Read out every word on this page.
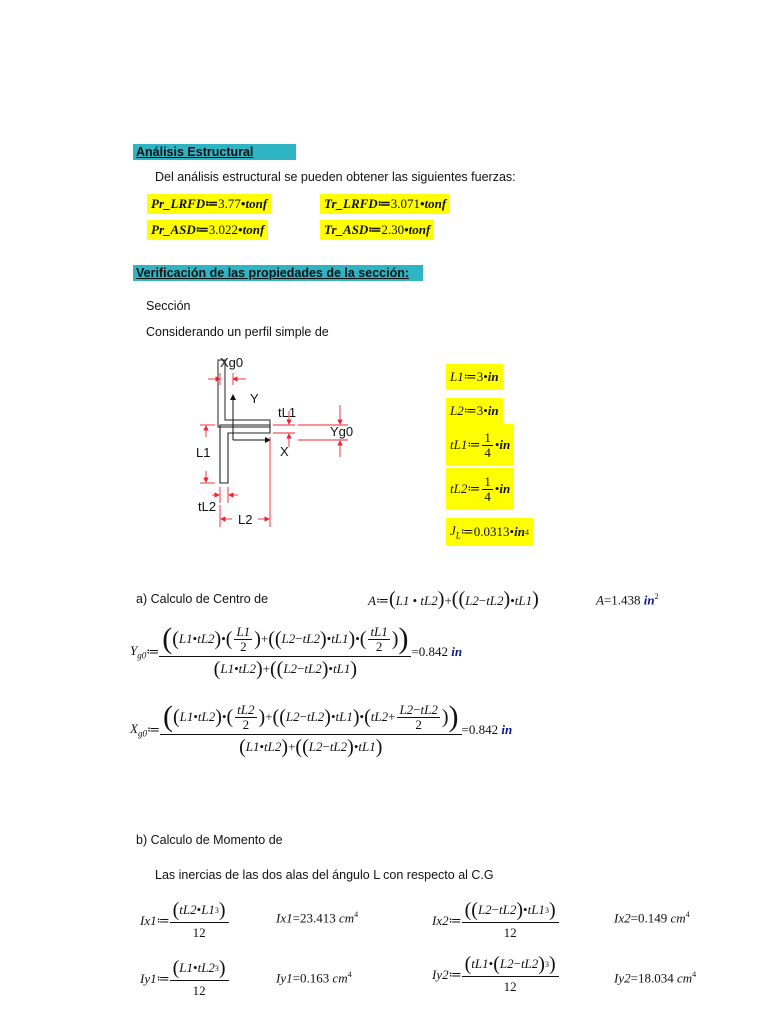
Análisis Estructural
Del análisis estructural se pueden obtener las siguientes fuerzas:
Pr_LRFD≔3.77•tonf	Tr_LRFD≔3.071•tonf
Pr_ASD≔3.022•tonf	Tr_ASD≔2.30•tonf
Verificación de las propiedades de la sección:
Sección
Considerando un perfil simple de
Xg0
Y
tL1
Yg0
L1	X
tL2
L2
L1 ≔ 3 • in
L2 ≔ 3 • in
tL1 ≔ $\frac{1}{4}$ • in
tL2 ≔ $\frac{1}{4}$ • in
$J_L$ ≔ 0.0313 • in 4
a) Calculo de Centro de	A≔(L1 • tL2)+((L2−tL2)•tL1)	A=1.438 $in^2$
$Y_{g0}$ ≔ $\frac{( ( L1 • tL2 ) • ( \frac{L1}{2} ) + (( L2 - tL2 ) • tL1 ) • ( \frac{tL1}{2} ) )}{( L1 • tL2 ) + (( L2 - tL2 ) • tL1 )} = 0.842$
in
$X_{g0}$ ≔ $\frac{( ( L1 • tL2 ) • ( \frac{tL2}{2} ) + (( L2 - tL2 ) • tL1 ) • ( tL2 + \frac{L2-tL2}{2} ) )}{( L1 • tL2 ) + (( L2 - tL2 ) • tL1 )} = 0.842$
in
b) Calculo de Momento de
Las inercias de las dos alas del ángulo L con respecto al C.G
Ix1 ≔ ( tL2 • L1 3 )
12
Ix1=23.413 $cm^4$	Ix2 ≔ (( L2 − tL2 ) • tL1 3 )
12
Ix2=0.149 $cm^4$
Iy1 ≔ ( L1 • tL2 3 )
12
Iy1=0.163 $cm^4$	Iy2 ≔ ( tL1 • ( L2 − tL2 ) 3 )
12
Iy2=18.034 $cm^4$
